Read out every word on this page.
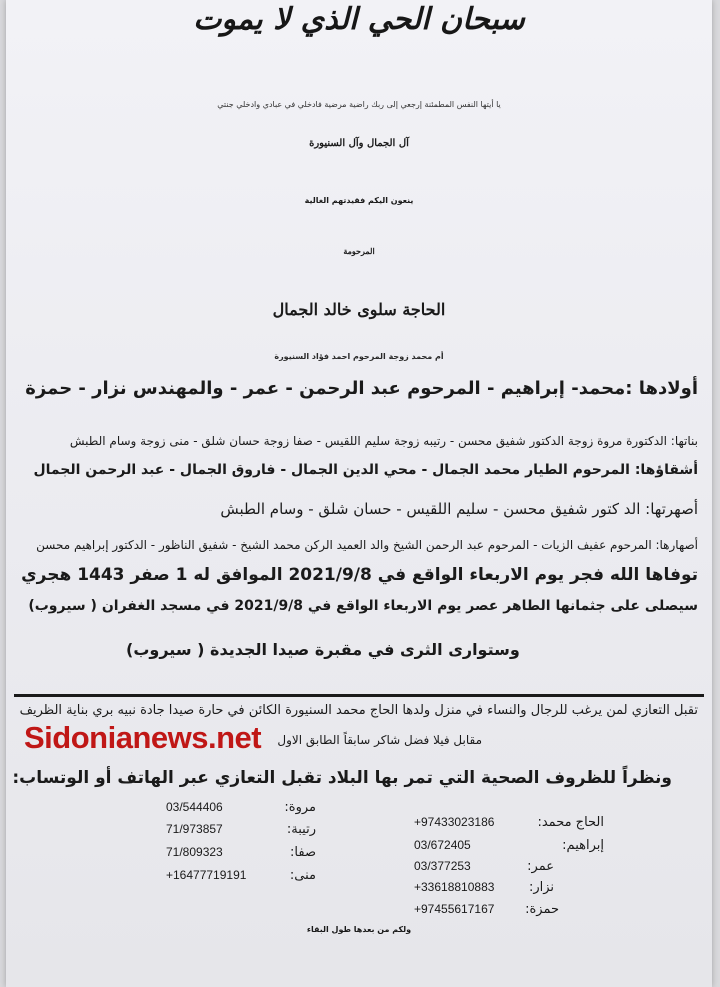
سبحان الحي الذي لا يموت
يا أيتها النفس المطمئنة إرجعي إلى ربك راضية مرضية فادخلي في عبادي وادخلي جنتي
آل الجمال وآل السنيورة
ينعون اليكم فقيدتهم الغالية
المرحومة
الحاجة سلوى خالد الجمال
أم محمد زوجة المرحوم احمد فؤاد السنيورة
أولادها :محمد- إبراهيم - المرحوم عبد الرحمن - عمر - والمهندس نزار - حمزة
بناتها: الدكتورة مروة زوجة الدكتور شفيق محسن - رتيبه زوجة سليم اللقيس - صفا زوجة حسان شلق - منى زوجة وسام الطبش
أشقاؤها: المرحوم الطيار محمد الجمال - محي الدين الجمال - فاروق الجمال - عبد الرحمن الجمال
أصهرتها: الد كتور شفيق محسن - سليم اللقيس - حسان شلق - وسام الطبش
أصهارها: المرحوم عفيف الزيات - المرحوم عبد الرحمن الشيخ والد العميد الركن محمد الشيخ - شفيق الناظور - الدكتور إبراهيم محسن
توفاها الله فجر يوم الاربعاء الواقع في 2021/9/8 الموافق له 1 صفر 1443 هجري
سيصلى على جثمانها الطاهر عصر يوم الاربعاء الواقع في 2021/9/8 في مسجد الغفران ( سيروب)
وستوارى الثرى في مقبرة صيدا الجديدة ( سيروب)
تقبل التعازي لمن يرغب للرجال والنساء في منزل ولدها الحاج محمد السنيورة الكائن في حارة صيدا جادة نبيه بري بناية الظريف
مقابل فيلا فضل شاكر سابقاً الطابق الاول
Sidonianews.net
ونظراً للظروف الصحية التي تمر بها البلاد تقبل التعازي عبر الهاتف أو الوتساب:
الحاج محمد:
+97433023186
إبراهيم:
03/672405
عمر:
03/377253
نزار:
+33618810883
حمزة:
+97455617167
مروة:
03/544406
رتيبة:
71/973857
صفا:
71/809323
منى:
+16477719191
ولكم من بعدها طول البقاء
